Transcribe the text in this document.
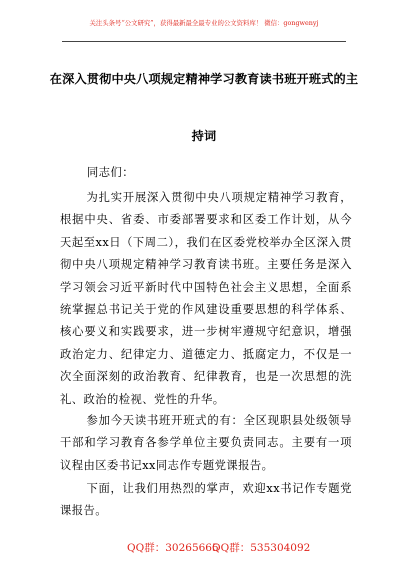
关注头条号“公文研究”，获得最新最全最专业的公文资料库！ 微信：gongwenyj
在深入贯彻中央八项规定精神学习教育读书班开班式的主
持词

同志们：

为扎实开展深入贯彻中央八项规定精神学习教育，根据中央、省委、市委部署要求和区委工作计划，从今天起至xx日（下周二），我们在区委党校举办全区深入贯彻中央八项规定精神学习教育读书班。主要任务是深入学习领会习近平新时代中国特色社会主义思想，全面系统掌握总书记关于党的作风建设重要思想的科学体系、核心要义和实践要求，进一步树牢遵规守纪意识，增强政治定力、纪律定力、道德定力、抵腐定力，不仅是一次全面深刻的政治教育、纪律教育，也是一次思想的洗礼、政治的检视、党性的升华。

参加今天读书班开班式的有：全区现职县处级领导干部和学习教育各参学单位主要负责同志。主要有一项议程由区委书记xx同志作专题党课报告。

下面，让我们用热烈的掌声，欢迎xx书记作专题党课报告。

QQ群：30265665
QQ群：535304092
